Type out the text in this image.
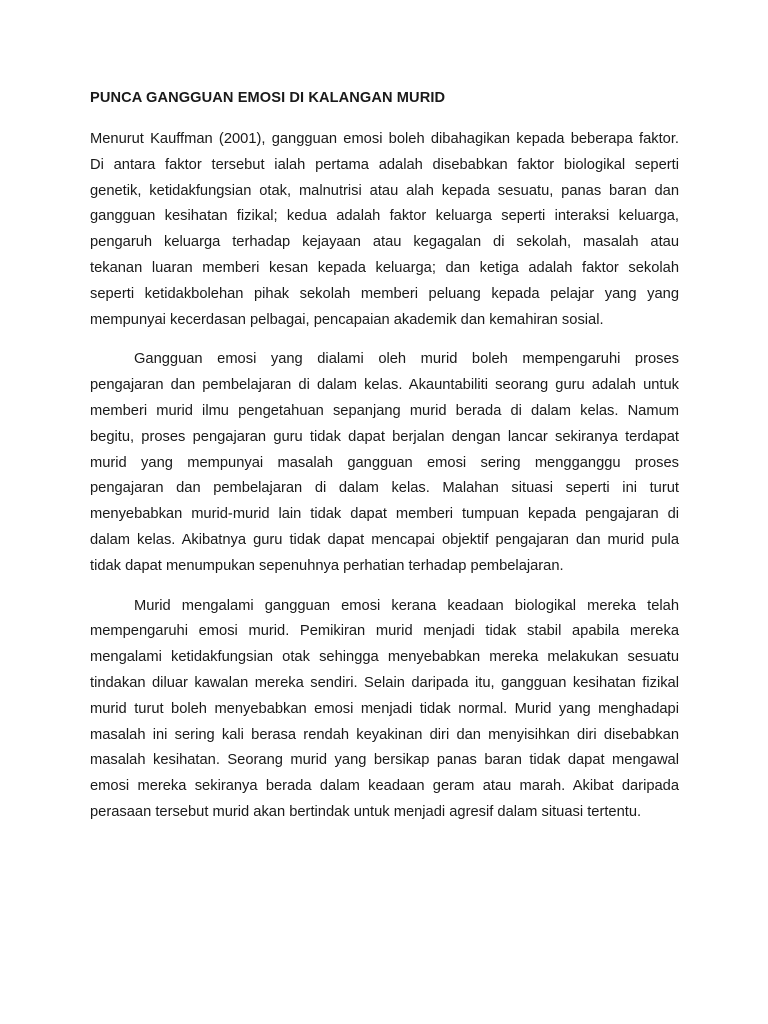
PUNCA GANGGUAN EMOSI DI KALANGAN MURID
Menurut Kauffman (2001), gangguan emosi boleh dibahagikan kepada beberapa faktor.
Di antara faktor tersebut ialah pertama adalah disebabkan faktor biologikal seperti
genetik, ketidakfungsian otak, malnutrisi atau alah kepada sesuatu, panas baran dan
gangguan kesihatan fizikal; kedua adalah faktor keluarga seperti interaksi keluarga,
pengaruh keluarga terhadap kejayaan atau kegagalan di sekolah, masalah atau
tekanan luaran memberi kesan kepada keluarga; dan ketiga adalah faktor sekolah
seperti ketidakbolehan pihak sekolah memberi peluang kepada pelajar yang yang
mempunyai kecerdasan pelbagai, pencapaian akademik dan kemahiran sosial.
Gangguan emosi yang dialami oleh murid boleh mempengaruhi proses
pengajaran dan pembelajaran di dalam kelas. Akauntabiliti seorang guru adalah untuk
memberi murid ilmu pengetahuan sepanjang murid berada di dalam kelas. Namum
begitu, proses pengajaran guru tidak dapat berjalan dengan lancar sekiranya terdapat
murid yang mempunyai masalah gangguan emosi sering mengganggu proses
pengajaran dan pembelajaran di dalam kelas. Malahan situasi seperti ini turut
menyebabkan murid-murid lain tidak dapat memberi tumpuan kepada pengajaran di
dalam kelas. Akibatnya guru tidak dapat mencapai objektif pengajaran dan murid pula
tidak dapat menumpukan sepenuhnya perhatian terhadap pembelajaran.
Murid mengalami gangguan emosi kerana keadaan biologikal mereka telah
mempengaruhi emosi murid. Pemikiran murid menjadi tidak stabil apabila mereka
mengalami ketidakfungsian otak sehingga menyebabkan mereka melakukan sesuatu
tindakan diluar kawalan mereka sendiri. Selain daripada itu, gangguan kesihatan fizikal
murid turut boleh menyebabkan emosi menjadi tidak normal. Murid yang menghadapi
masalah ini sering kali berasa rendah keyakinan diri dan menyisihkan diri disebabkan
masalah kesihatan. Seorang murid yang bersikap panas baran tidak dapat mengawal
emosi mereka sekiranya berada dalam keadaan geram atau marah. Akibat daripada
perasaan tersebut murid akan bertindak untuk menjadi agresif dalam situasi tertentu.
